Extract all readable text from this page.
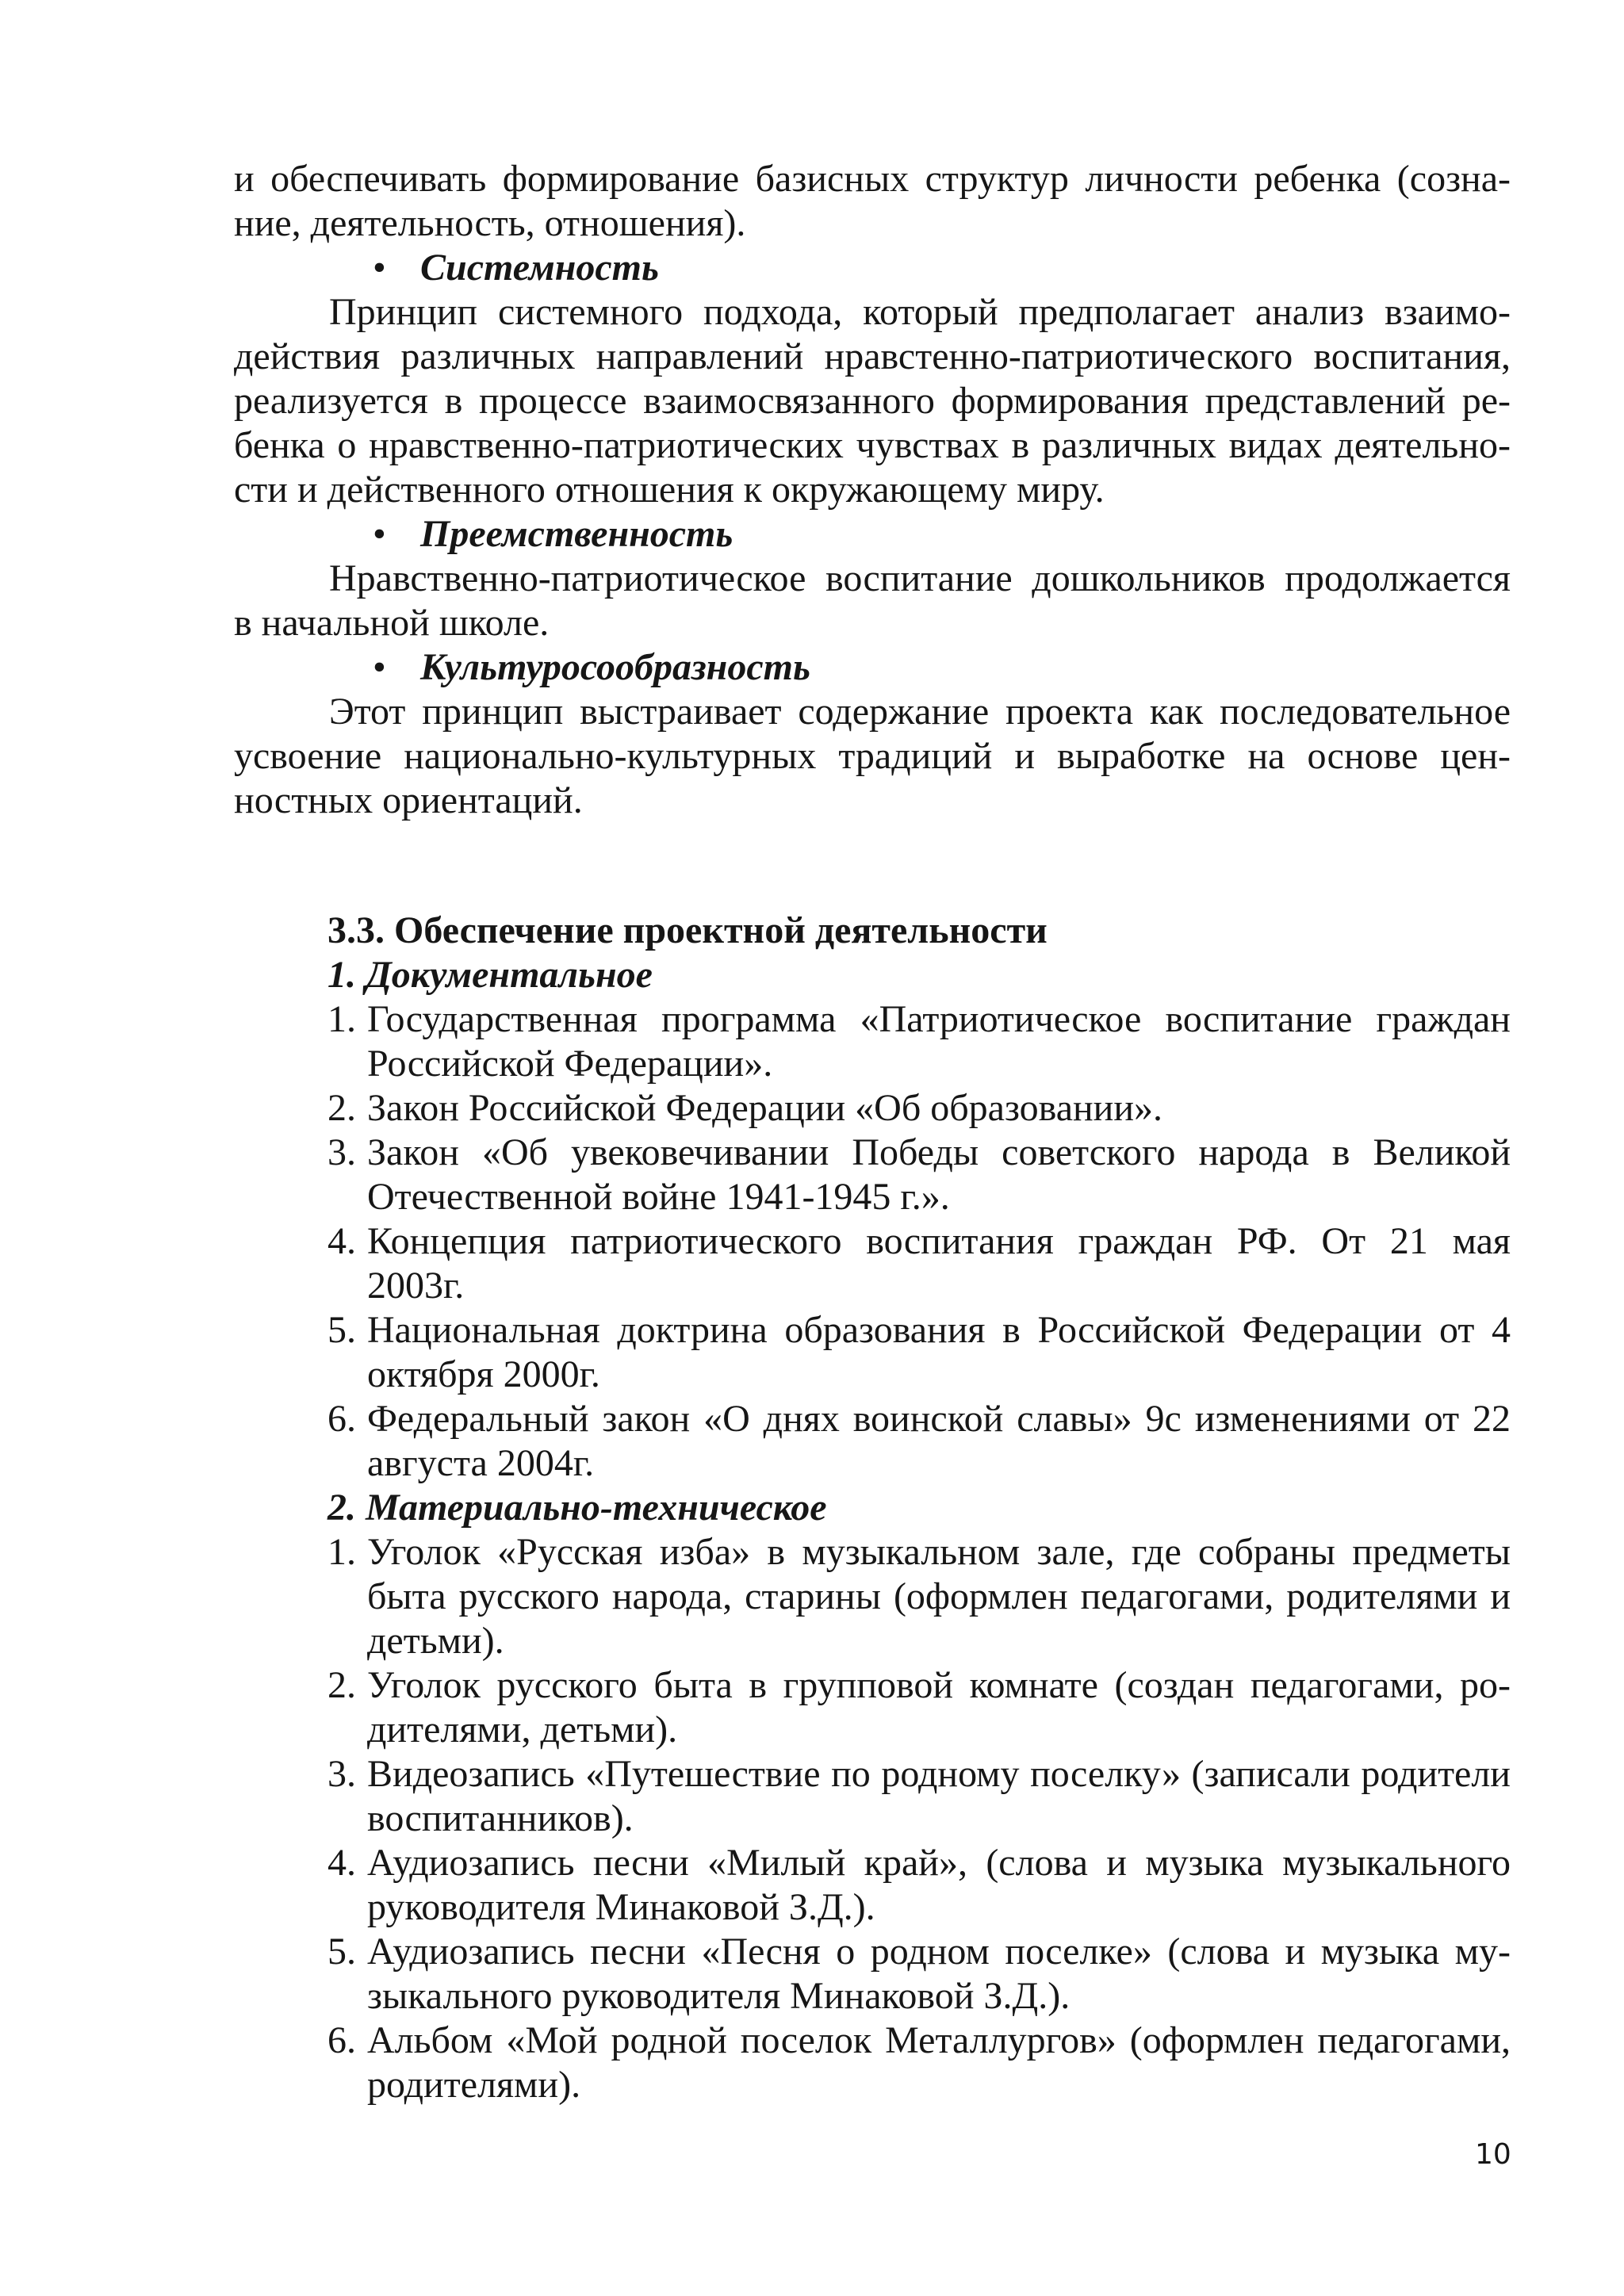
и обеспечивать формирование базисных структур личности ребенка (созна-
ние, деятельность, отношения).
• Системность
Принцип системного подхода, который предполагает анализ взаимо-
действия различных направлений нравстенно-патриотического воспитания,
реализуется в процессе взаимосвязанного формирования представлений ре-
бенка о нравственно-патриотических чувствах в различных видах деятельно-
сти и действенного отношения к окружающему миру.
• Преемственность
Нравственно-патриотическое воспитание дошкольников продолжается
в начальной школе.
• Культуросообразность
Этот принцип выстраивает содержание проекта как последовательное
усвоение национально-культурных традиций и выработке на основе цен-
ностных ориентаций.
3.3. Обеспечение проектной деятельности
1. Документальное
1. Государственная программа «Патриотическое воспитание граждан
Российской Федерации».
2. Закон Российской Федерации «Об образовании».
3. Закон «Об увековечивании Победы советского народа в Великой
Отечественной войне 1941-1945 г.».
4. Концепция патриотического воспитания граждан РФ. От 21 мая
2003г.
5. Национальная доктрина образования в Российской Федерации от 4
октября 2000г.
6. Федеральный закон «О днях воинской славы» 9с изменениями от 22
августа 2004г.
2. Материально-техническое
1. Уголок «Русская изба» в музыкальном зале, где собраны предметы
быта русского народа, старины (оформлен педагогами, родителями и
детьми).
2. Уголок русского быта в групповой комнате (создан педагогами, ро-
дителями, детьми).
3. Видеозапись «Путешествие по родному поселку» (записали родители
воспитанников).
4. Аудиозапись песни «Милый край», (слова и музыка музыкального
руководителя Минаковой З.Д.).
5. Аудиозапись песни «Песня о родном поселке» (слова и музыка му-
зыкального руководителя Минаковой З.Д.).
6. Альбом «Мой родной поселок Металлургов» (оформлен педагогами,
родителями).
10
